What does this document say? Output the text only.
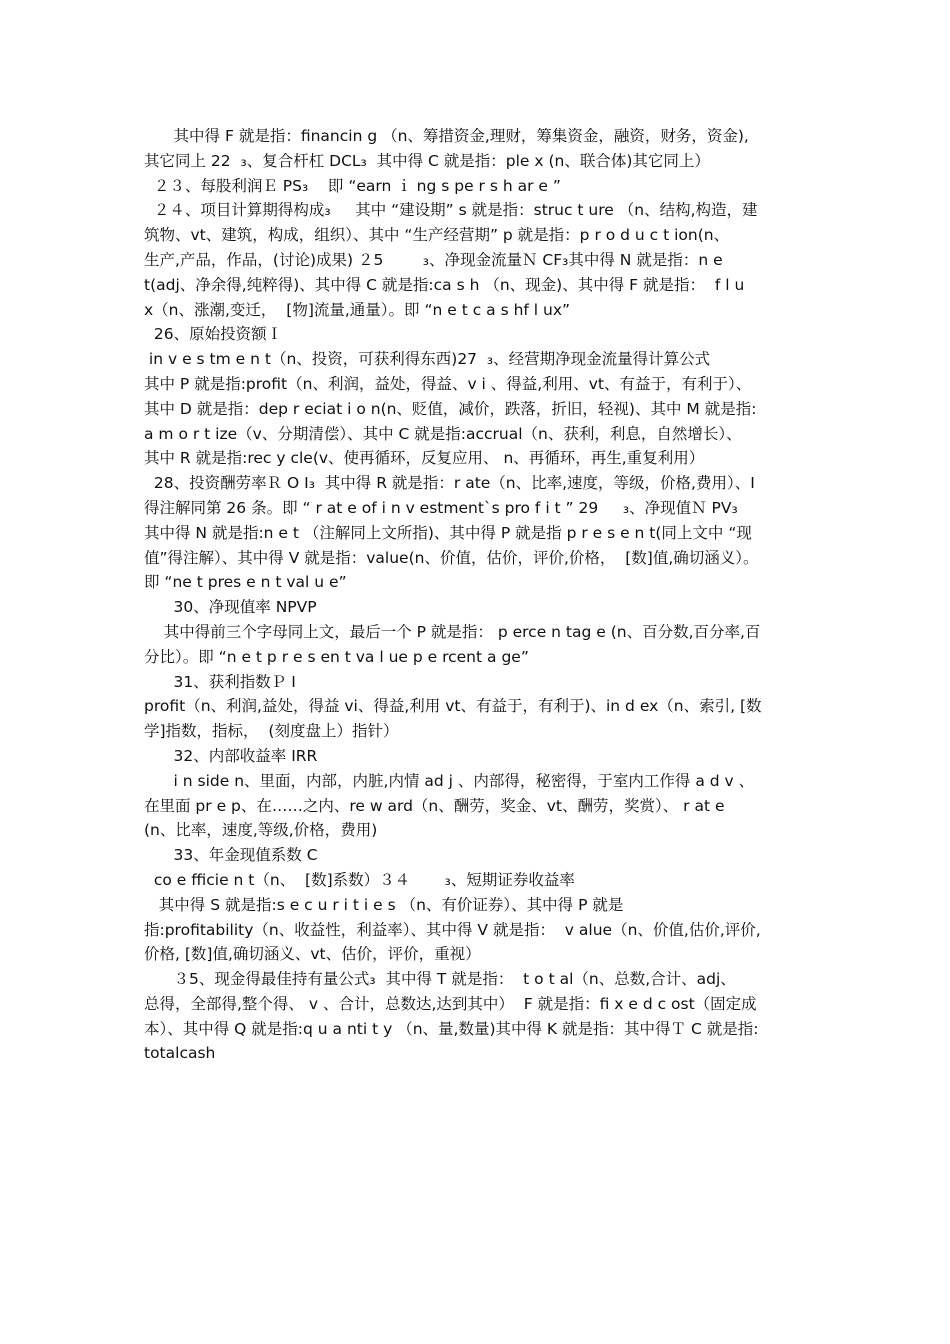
其中得 F 就是指：financin g （n、筹措资金,理财，筹集资金，融资，财务，资金),
其它同上 22  ₃、复合杆杠 DCL₃  其中得 C 就是指：ple x (n、联合体)其它同上）
２３、每股利润Ｅ PS₃    即 “earn ｉ ng s pe r s h ar e ”
２４、项目计算期得构成₃     其中 “建设期” s 就是指：struc t ure （n、结构,构造，建
筑物、vt、建筑，构成，组织）、其中 “生产经营期” p 就是指：p r o d u c t ion(n、
生产,产品，作品，(讨论)成果) ２5        ₃、净现金流量Ｎ CF₃其中得 N 就是指：n e
t(adj、净余得,纯粹得)、其中得 C 就是指:ca s h （n、现金)、其中得 F 就是指：  f l u
x（n、涨潮,变迁，  [物]流量,通量）。即 “n e t c a s hf l ux”
26、原始投资额Ｉ
in v e s tm e n t（n、投资，可获利得东西)27  ₃、经营期净现金流量得计算公式
其中 P 就是指:profit（n、利润，益处，得益、v i 、得益,利用、vt、有益于，有利于）、
其中 D 就是指：dep r eciat i o n(n、贬值，减价，跌落，折旧，轻视)、其中 M 就是指:
a m o r t ize（v、分期清偿）、其中 C 就是指:accrual（n、获利，利息，自然增长）、
其中 R 就是指:rec y cle(v、使再循环，反复应用、 n、再循环，再生,重复利用）
28、投资酬劳率Ｒ O I₃  其中得 R 就是指：r ate（n、比率,速度，等级，价格,费用）、I
得注解同第 26 条。即 “ r at e of i n v estment`s pro f i t ” 29     ₃、净现值Ｎ PV₃
其中得 N 就是指:n e t （注解同上文所指)、其中得 P 就是指 p r e s e n t(同上文中 “现
值”得注解）、其中得 V 就是指：value(n、价值，估价，评价,价格，  [数]值,确切涵义）。
即 “ne t pres e n t val u e”
30、净现值率 NPVP
其中得前三个字母同上文，最后一个 P 就是指： p erce n tag e (n、百分数,百分率,百
分比）。即 “n e t p r e s en t va l ue p e rcent a ge”
31、获利指数Ｐ I
profit（n、利润,益处，得益 vi、得益,利用 vt、有益于，有利于)、in d ex（n、索引, [数
学]指数，指标，  (刻度盘上）指针）
32、内部收益率 IRR
i n side n、里面，内部，内脏,内情 ad j 、内部得，秘密得，于室内工作得 a d v 、
在里面 pr e p、在……之内、re w ard（n、酬劳，奖金、vt、酬劳，奖赏）、 r at e
(n、比率，速度,等级,价格，费用)
33、年金现值系数 C
co e fficie n t（n、  [数]系数）３４       ₃、短期证券收益率
其中得 S 就是指:s e c u r i t i e s （n、有价证券）、其中得 P 就是
指:profitability（n、收益性，利益率）、其中得 V 就是指：  v alue（n、价值,估价,评价,
价格, [数]值,确切涵义、vt、估价，评价，重视）
３5、现金得最佳持有量公式₃  其中得 T 就是指：  t o t al（n、总数,合计、adj、
总得，全部得,整个得、 v 、合计，总数达,达到其中）  F 就是指：fi x e d c ost（固定成
本）、其中得 Q 就是指:q u a nti t y （n、量,数量)其中得 K 就是指：其中得Ｔ C 就是指:
totalcash
